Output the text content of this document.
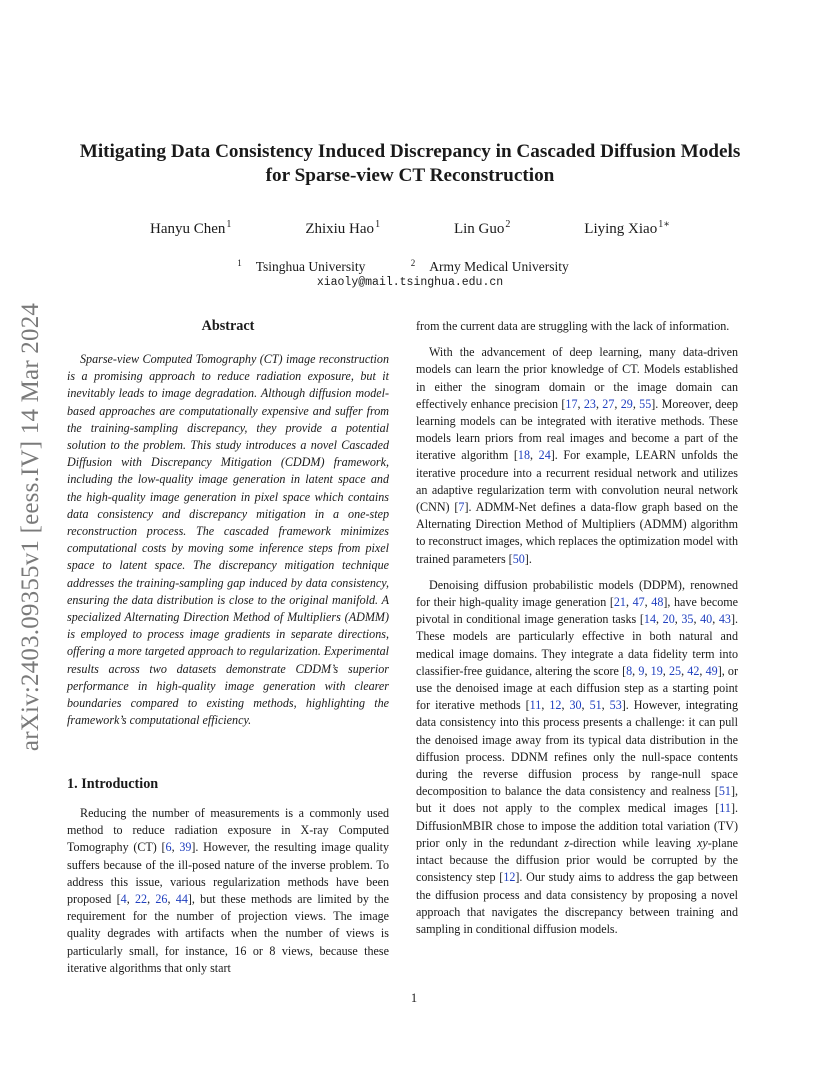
arXiv:2403.09355v1 [eess.IV] 14 Mar 2024
Mitigating Data Consistency Induced Discrepancy in Cascaded Diffusion Models
for Sparse-view CT Reconstruction
Hanyu Chen$^1$	Zhixiu Hao$^1$	Lin Guo$^2$	Liying Xiao$^{1∗}$
$^1$ Tsinghua University	$^2$ Army Medical University
xiaoly@mail.tsinghua.edu.cn
Abstract

Sparse-view Computed Tomography (CT) image reconstruction is a promising approach to reduce radiation exposure, but it inevitably leads to image degradation. Although diffusion model-based approaches are computationally expensive and suffer from the training-sampling discrepancy, they provide a potential solution to the problem. This study introduces a novel Cascaded Diffusion with Discrepancy Mitigation (CDDM) framework, including the low-quality image generation in latent space and the high-quality image generation in pixel space which contains data consistency and discrepancy mitigation in a one-step reconstruction process. The cascaded framework minimizes computational costs by moving some inference steps from pixel space to latent space. The discrepancy mitigation technique addresses the training-sampling gap induced by data consistency, ensuring the data distribution is close to the original manifold. A specialized Alternating Direction Method of Multipliers (ADMM) is employed to process image gradients in separate directions, offering a more targeted approach to regularization. Experimental results across two datasets demonstrate CDDM’s superior performance in high-quality image generation with clearer boundaries compared to existing methods, highlighting the framework’s computational efficiency.

1. Introduction

Reducing the number of measurements is a commonly used method to reduce radiation exposure in X-ray Computed Tomography (CT) [6, 39]. However, the resulting image quality suffers because of the ill-posed nature of the inverse problem. To address this issue, various regularization methods have been proposed [4, 22, 26, 44], but these methods are limited by the requirement for the number of projection views. The image quality degrades with artifacts when the number of views is particularly small, for instance, 16 or 8 views, because these iterative algorithms that only start

from the current data are struggling with the lack of information.

With the advancement of deep learning, many data-driven models can learn the prior knowledge of CT. Models established in either the sinogram domain or the image domain can effectively enhance precision [17, 23, 27, 29, 55]. Moreover, deep learning models can be integrated with iterative methods. These models learn priors from real images and become a part of the iterative algorithm [18, 24]. For example, LEARN unfolds the iterative procedure into a recurrent residual network and utilizes an adaptive regularization term with convolution neural network (CNN) [7]. ADMM-Net defines a data-flow graph based on the Alternating Direction Method of Multipliers (ADMM) algorithm to reconstruct images, which replaces the optimization model with trained parameters [50].

Denoising diffusion probabilistic models (DDPM), renowned for their high-quality image generation [21, 47, 48], have become pivotal in conditional image generation tasks [14, 20, 35, 40, 43]. These models are particularly effective in both natural and medical image domains. They integrate a data fidelity term into classifier-free guidance, altering the score [8, 9, 19, 25, 42, 49], or use the denoised image at each diffusion step as a starting point for iterative methods [11, 12, 30, 51, 53]. However, integrating data consistency into this process presents a challenge: it can pull the denoised image away from its typical data distribution in the diffusion process. DDNM refines only the null-space contents during the reverse diffusion process by range-null space decomposition to balance the data consistency and realness [51], but it does not apply to the complex medical images [11]. DiffusionMBIR chose to impose the addition total variation (TV) prior only in the redundant z-direction while leaving xy-plane intact because the diffusion prior would be corrupted by the consistency step [12]. Our study aims to address the gap between the diffusion process and data consistency by proposing a novel approach that navigates the discrepancy between training and sampling in conditional diffusion models.

1
